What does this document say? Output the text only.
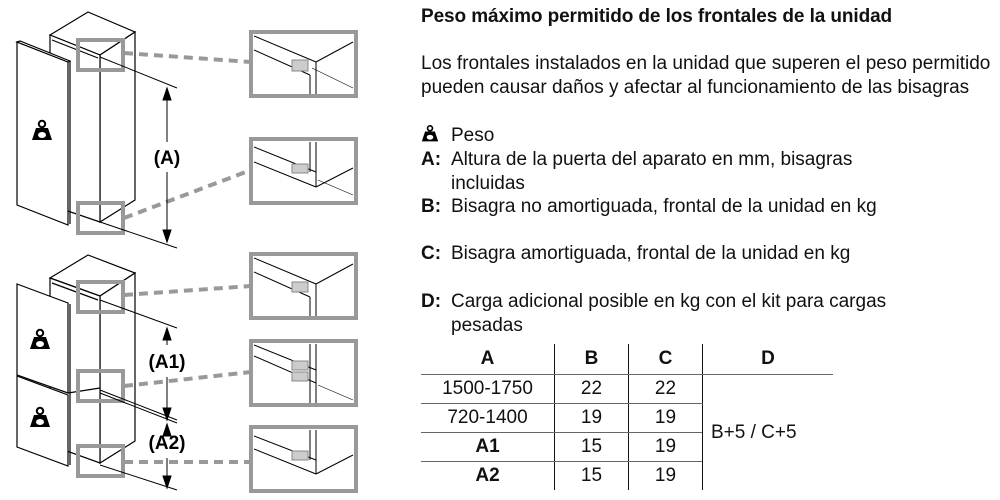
(A)
(A1)
(A2)
Peso máximo permitido de los frontales de la unidad
Los frontales instalados en la unidad que superen el peso permitido pueden causar daños y afectar al funcionamiento de las bisagras
Peso
A: Altura de la puerta del aparato en mm, bisagras
incluidas
B: Bisagra no amortiguada, frontal de la unidad en kg
C: Bisagra amortiguada, frontal de la unidad en kg
D: Carga adicional posible en kg con el kit para cargas
pesadas
A	B	C	D
1500-1750	22	22	B+5 / C+5
720-1400	19	19	
A1	15	19	
A2	15	19	
